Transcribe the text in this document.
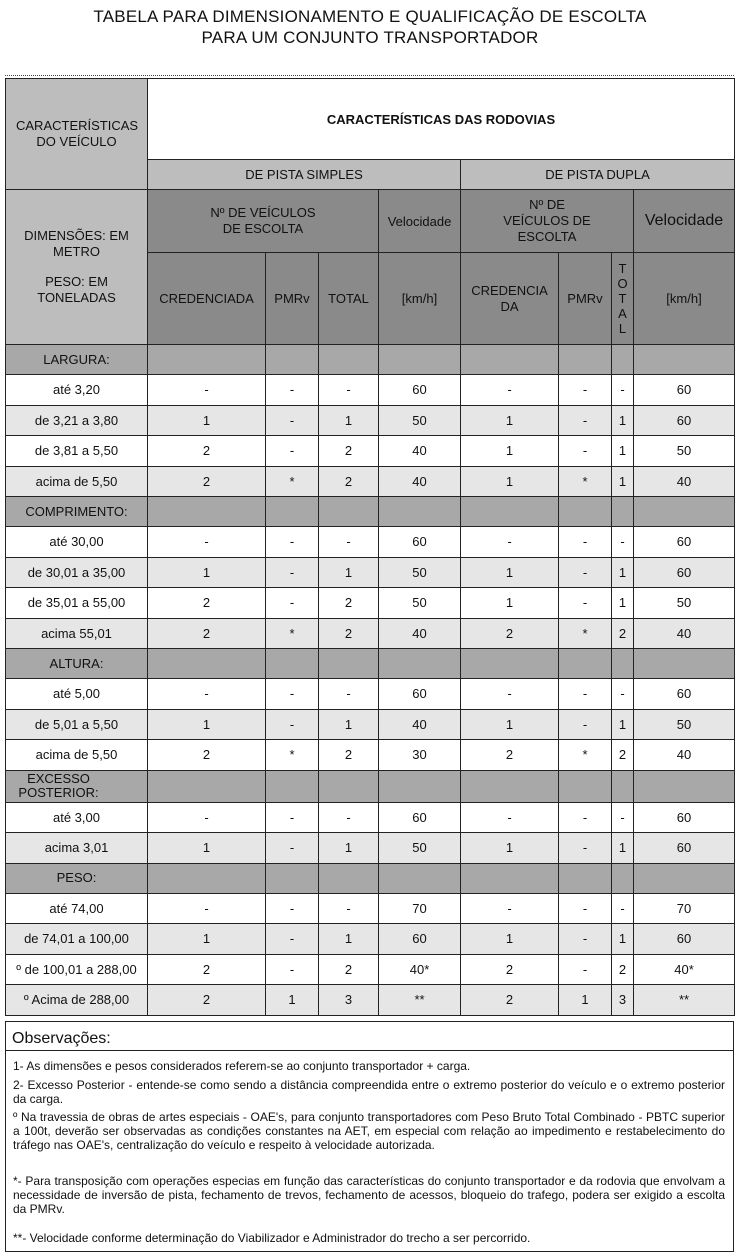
TABELA PARA DIMENSIONAMENTO E QUALIFICAÇÃO DE ESCOLTA
PARA UM CONJUNTO TRANSPORTADOR
CARACTERÍSTICAS DO VEÍCULO	CARACTERÍSTICAS DAS RODOVIAS							
	DE PISTA SIMPLES				DE PISTA DUPLA			

DIMENSÕES: EM METRO
PESO: EM TONELADAS	Nº DE VEÍCULOS DE ESCOLTA			Velocidade	Nº DE VEÍCULOS DE ESCOLTA			Velocidade
	CREDENCIADA	PMRv	TOTAL	[km/h]	CREDENCIA DA	PMRv	T O T A L	[km/h]
LARGURA:								
até 3,20	-	-	-	60	-	-	-	60
de 3,21 a 3,80	1	-	1	50	1	-	1	60
de 3,81 a 5,50	2	-	2	40	1	-	1	50
acima de 5,50	2	*	2	40	1	*	1	40
COMPRIMENTO:								
até 30,00	-	-	-	60	-	-	-	60
de 30,01 a 35,00	1	-	1	50	1	-	1	60
de 35,01 a 55,00	2	-	2	50	1	-	1	50
acima 55,01	2	*	2	40	2	*	2	40
ALTURA:								
até 5,00	-	-	-	60	-	-	-	60
de 5,01 a 5,50	1	-	1	40	1	-	1	50
acima de 5,50	2	*	2	30	2	*	2	40
EXCESSO POSTERIOR:								
até 3,00	-	-	-	60	-	-	-	60
acima 3,01	1	-	1	50	1	-	1	60
PESO:								
até 74,00	-	-	-	70	-	-	-	70
de 74,01 a 100,00	1	-	1	60	1	-	1	60
º de 100,01 a 288,00	2	-	2	40*	2	-	2	40*
º Acima de 288,00	2	1	3	**	2	1	3	**
Observações:
1- As dimensões e pesos considerados referem-se ao conjunto transportador + carga.
2- Excesso Posterior - entende-se como sendo a distância compreendida entre o extremo posterior do veículo e o extremo posterior da carga.
º Na travessia de obras de artes especiais - OAE's, para conjunto transportadores com Peso Bruto Total Combinado - PBTC superior a 100t, deverão ser observadas as condições constantes na AET, em especial com relação ao impedimento e restabelecimento do tráfego nas OAE's, centralização do veículo e respeito à velocidade autorizada.
*- Para transposição com operações especias em função das características do conjunto transportador e da rodovia que envolvam a necessidade de inversão de pista, fechamento de trevos, fechamento de acessos, bloqueio do trafego, podera ser exigido a escolta da PMRv.
**- Velocidade conforme determinação do Viabilizador e Administrador do trecho a ser percorrido.
